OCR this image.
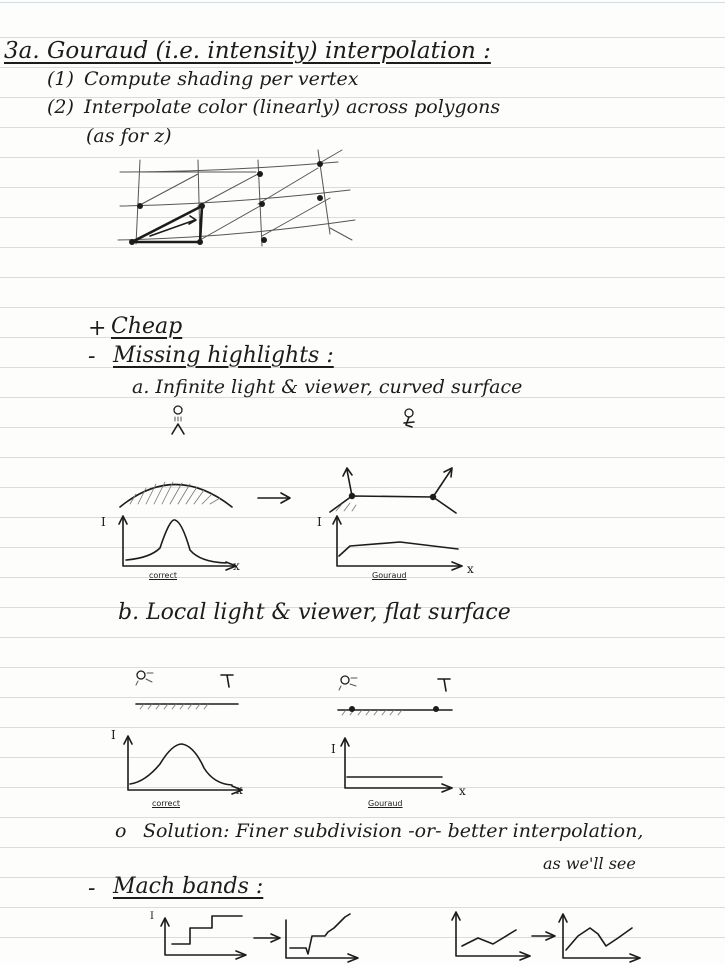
3a. Gouraud (i.e. intensity) interpolation :
(1) Compute shading per vertex
(2) Interpolate color (linearly) across polygons
(as for z)
+ Cheap
- Missing highlights :
a. Infinite light & viewer, curved surface
b. Local light & viewer, flat surface
o Solution: Finer subdivision -or- better interpolation,
as we'll see
- Mach bands :
I
x
I
x
I
x
I
x
I
correct	Gouraud
correct	Gouraud
